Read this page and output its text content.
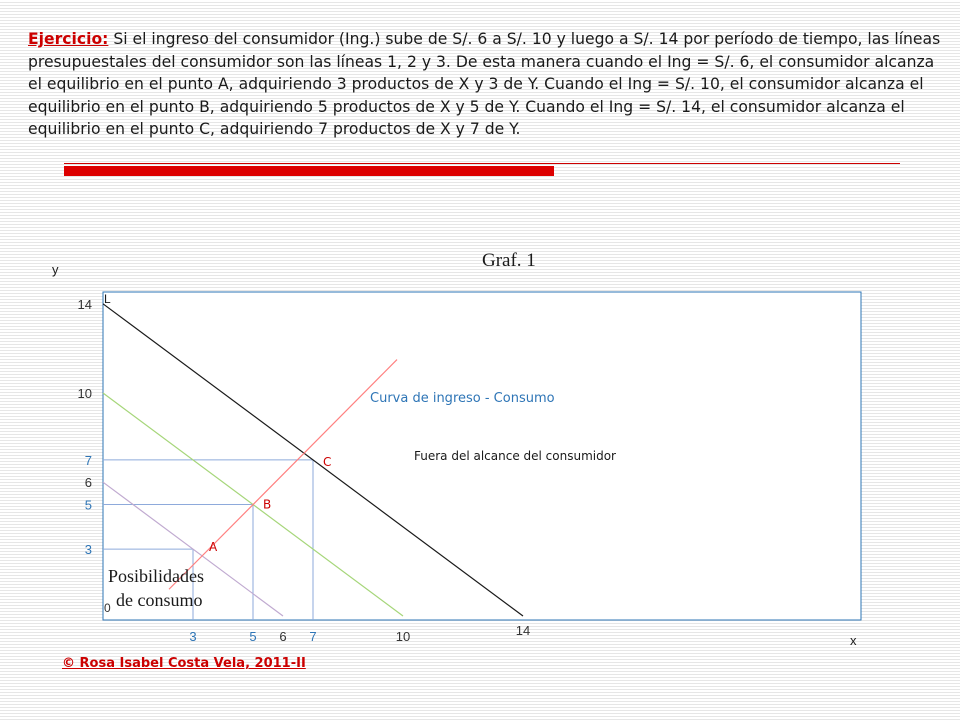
Ejercicio: Si el ingreso del consumidor (Ing.) sube de S/. 6 a S/. 10 y luego a S/. 14 por período de tiempo, las líneas presupuestales del consumidor son las líneas 1, 2 y 3. De esta manera cuando el Ing = S/. 6, el consumidor alcanza el equilibrio en el punto A, adquiriendo 3 productos de X y 3 de Y. Cuando el Ing = S/. 10, el consumidor alcanza el equilibrio en el punto B, adquiriendo 5 productos de X y 5 de Y. Cuando el Ing = S/. 14, el consumidor alcanza el equilibrio en el punto C, adquiriendo 7 productos de X y 7 de Y.

Graf. 1
y
x
0
L
Curva de ingreso - Consumo
Fuera del alcance del consumidor
Posibilidades
de consumo
A
B
C
3	5 6 7	10	14
14
10
7
6
5
3
© Rosa Isabel Costa Vela, 2011-II
